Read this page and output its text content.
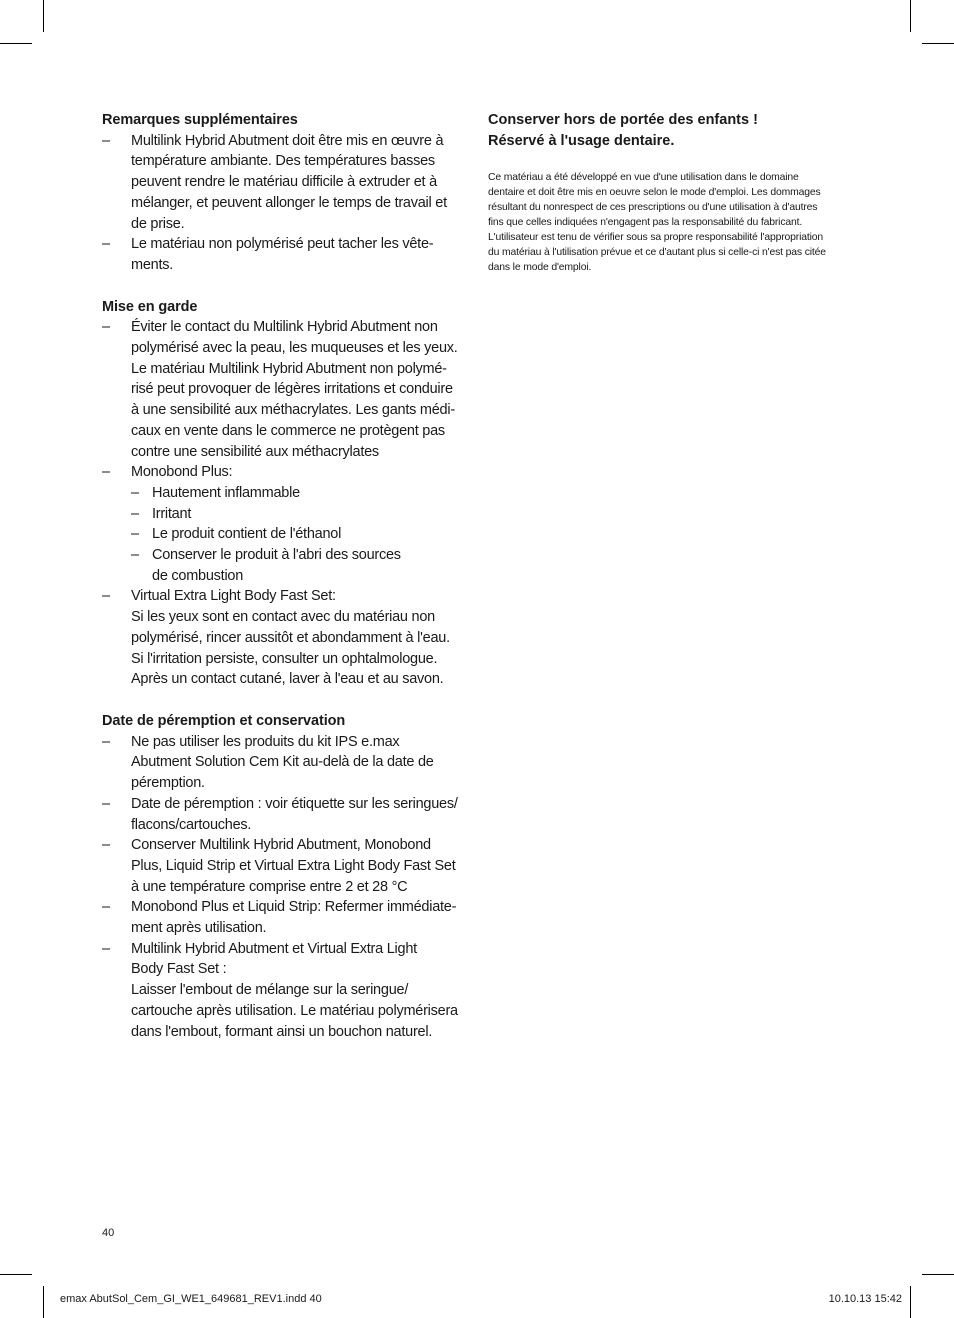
Remarques supplémentaires
– Multilink Hybrid Abutment doit être mis en œuvre à
température ambiante. Des températures basses
peuvent rendre le matériau difficile à extruder et à
mélanger, et peuvent allonger le temps de travail et
de prise.
– Le matériau non polymérisé peut tacher les vête-
ments.
Mise en garde
– Éviter le contact du Multilink Hybrid Abutment non
polymérisé avec la peau, les muqueuses et les yeux.
Le matériau Multilink Hybrid Abutment non polymé-
risé peut provoquer de légères irritations et conduire
à une sensibilité aux méthacrylates. Les gants médi-
caux en vente dans le commerce ne protègent pas
contre une sensibilité aux méthacrylates
– Monobond Plus:
– Hautement inflammable
– Irritant
– Le produit contient de l'éthanol
– Conserver le produit à l'abri des sources
de combustion
– Virtual Extra Light Body Fast Set:
Si les yeux sont en contact avec du matériau non
polymérisé, rincer aussitôt et abondamment à l'eau.
Si l'irritation persiste, consulter un ophtalmologue.
Après un contact cutané, laver à l'eau et au savon.
Date de péremption et conservation
– Ne pas utiliser les produits du kit IPS e.max
Abutment Solution Cem Kit au-delà de la date de
péremption.
– Date de péremption : voir étiquette sur les seringues/
flacons/cartouches.
– Conserver Multilink Hybrid Abutment, Monobond
Plus, Liquid Strip et Virtual Extra Light Body Fast Set
à une température comprise entre 2 et 28 °C
– Monobond Plus et Liquid Strip: Refermer immédiate-
ment après utilisation.
– Multilink Hybrid Abutment et Virtual Extra Light
Body Fast Set :
Laisser l'embout de mélange sur la seringue/
cartouche après utilisation. Le matériau polymérisera
dans l'embout, formant ainsi un bouchon naturel.
Conserver hors de portée des enfants !
Réservé à l'usage dentaire.
Ce matériau a été développé en vue d'une utilisation dans le domaine
dentaire et doit être mis en oeuvre selon le mode d'emploi. Les dommages
résultant du nonrespect de ces prescriptions ou d'une utilisation à d'autres
fins que celles indiquées n'engagent pas la responsabilité du fabricant.
L'utilisateur est tenu de vérifier sous sa propre responsabilité l'appropriation
du matériau à l'utilisation prévue et ce d'autant plus si celle-ci n'est pas citée
dans le mode d'emploi.
40
emax AbutSol_Cem_GI_WE1_649681_REV1.indd 40	10.10.13 15:42
